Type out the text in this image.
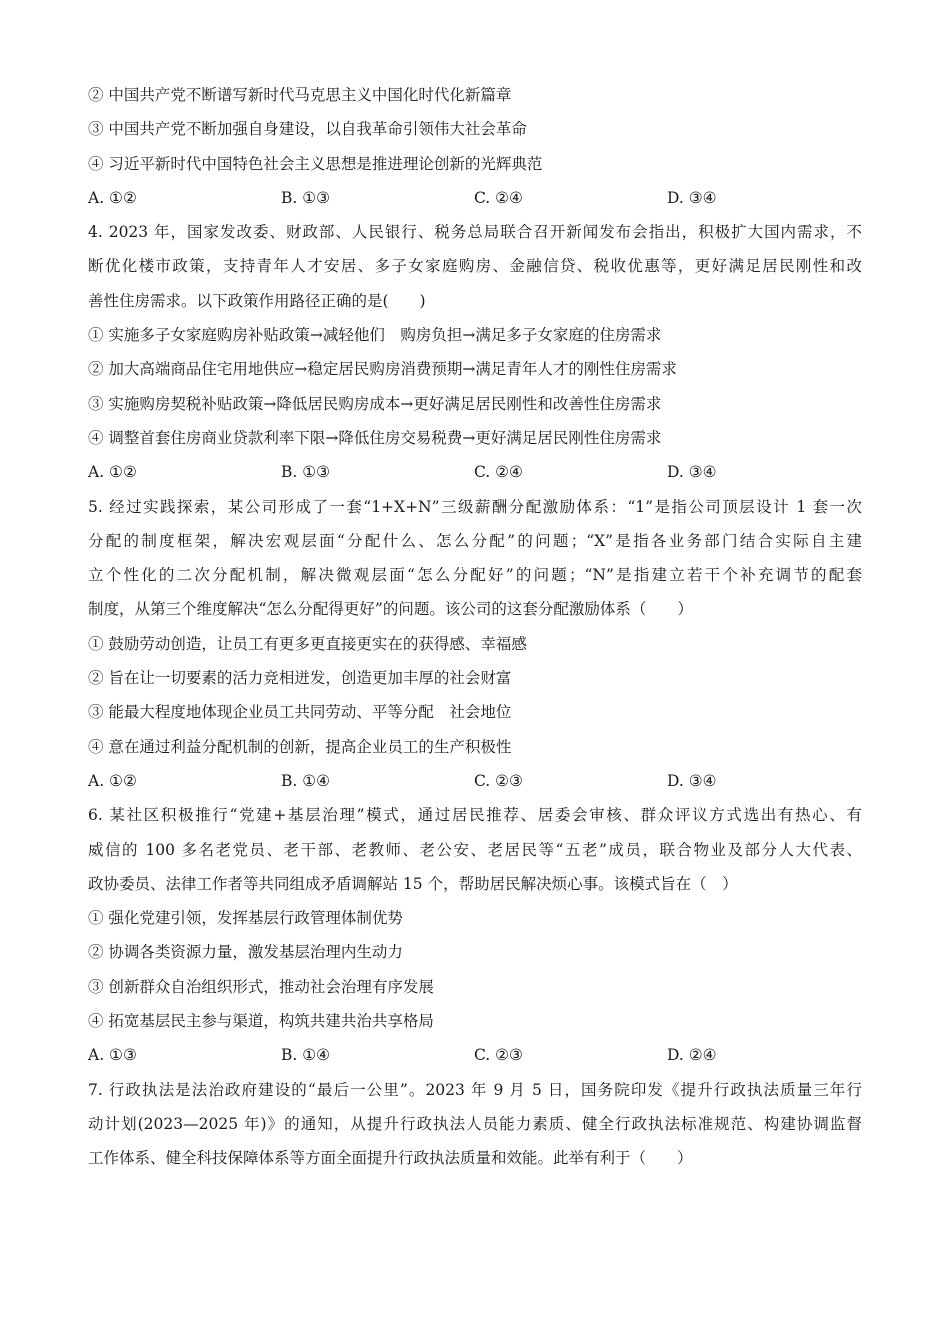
② 中国共产党不断谱写新时代马克思主义中国化时代化新篇章
③ 中国共产党不断加强自身建设，以自我革命引领伟大社会革命
④ 习近平新时代中国特色社会主义思想是推进理论创新的光辉典范
A. ①②	B. ①③	C. ②④	D. ③④
4. 2023 年，国家发改委、财政部、人民银行、税务总局联合召开新闻发布会指出，积极扩大国内需求，不
断优化楼市政策，支持青年人才安居、多子女家庭购房、金融信贷、税收优惠等，更好满足居民刚性和改
善性住房需求。以下政策作用路径正确的是(　　)
① 实施多子女家庭购房补贴政策→减轻他们　购房负担→满足多子女家庭的住房需求
② 加大高端商品住宅用地供应→稳定居民购房消费预期→满足青年人才的刚性住房需求
③ 实施购房契税补贴政策→降低居民购房成本→更好满足居民刚性和改善性住房需求
④ 调整首套住房商业贷款利率下限→降低住房交易税费→更好满足居民刚性住房需求
A. ①②	B. ①③	C. ②④	D. ③④
5. 经过实践探索，某公司形成了一套“1+X+N”三级薪酬分配激励体系：“1”是指公司顶层设计 1 套一次
分配的制度框架，解决宏观层面“分配什么、怎么分配”的问题；“X”是指各业务部门结合实际自主建
立个性化的二次分配机制，解决微观层面“怎么分配好”的问题；“N”是指建立若干个补充调节的配套
制度，从第三个维度解决“怎么分配得更好”的问题。该公司的这套分配激励体系（　　）
① 鼓励劳动创造，让员工有更多更直接更实在的获得感、幸福感
② 旨在让一切要素的活力竞相迸发，创造更加丰厚的社会财富
③ 能最大程度地体现企业员工共同劳动、平等分配　社会地位
④ 意在通过利益分配机制的创新，提高企业员工的生产积极性
A. ①②	B. ①④	C. ②③	D. ③④
6. 某社区积极推行“党建+基层治理”模式，通过居民推荐、居委会审核、群众评议方式选出有热心、有
威信的 100 多名老党员、老干部、老教师、老公安、老居民等“五老”成员，联合物业及部分人大代表、
政协委员、法律工作者等共同组成矛盾调解站 15 个，帮助居民解决烦心事。该模式旨在（　）
① 强化党建引领，发挥基层行政管理体制优势
② 协调各类资源力量，激发基层治理内生动力
③ 创新群众自治组织形式，推动社会治理有序发展
④ 拓宽基层民主参与渠道，构筑共建共治共享格局
A. ①③	B. ①④	C. ②③	D. ②④
7. 行政执法是法治政府建设的“最后一公里”。2023 年 9 月 5 日，国务院印发《提升行政执法质量三年行
动计划(2023—2025 年)》的通知，从提升行政执法人员能力素质、健全行政执法标准规范、构建协调监督
工作体系、健全科技保障体系等方面全面提升行政执法质量和效能。此举有利于（　　）
